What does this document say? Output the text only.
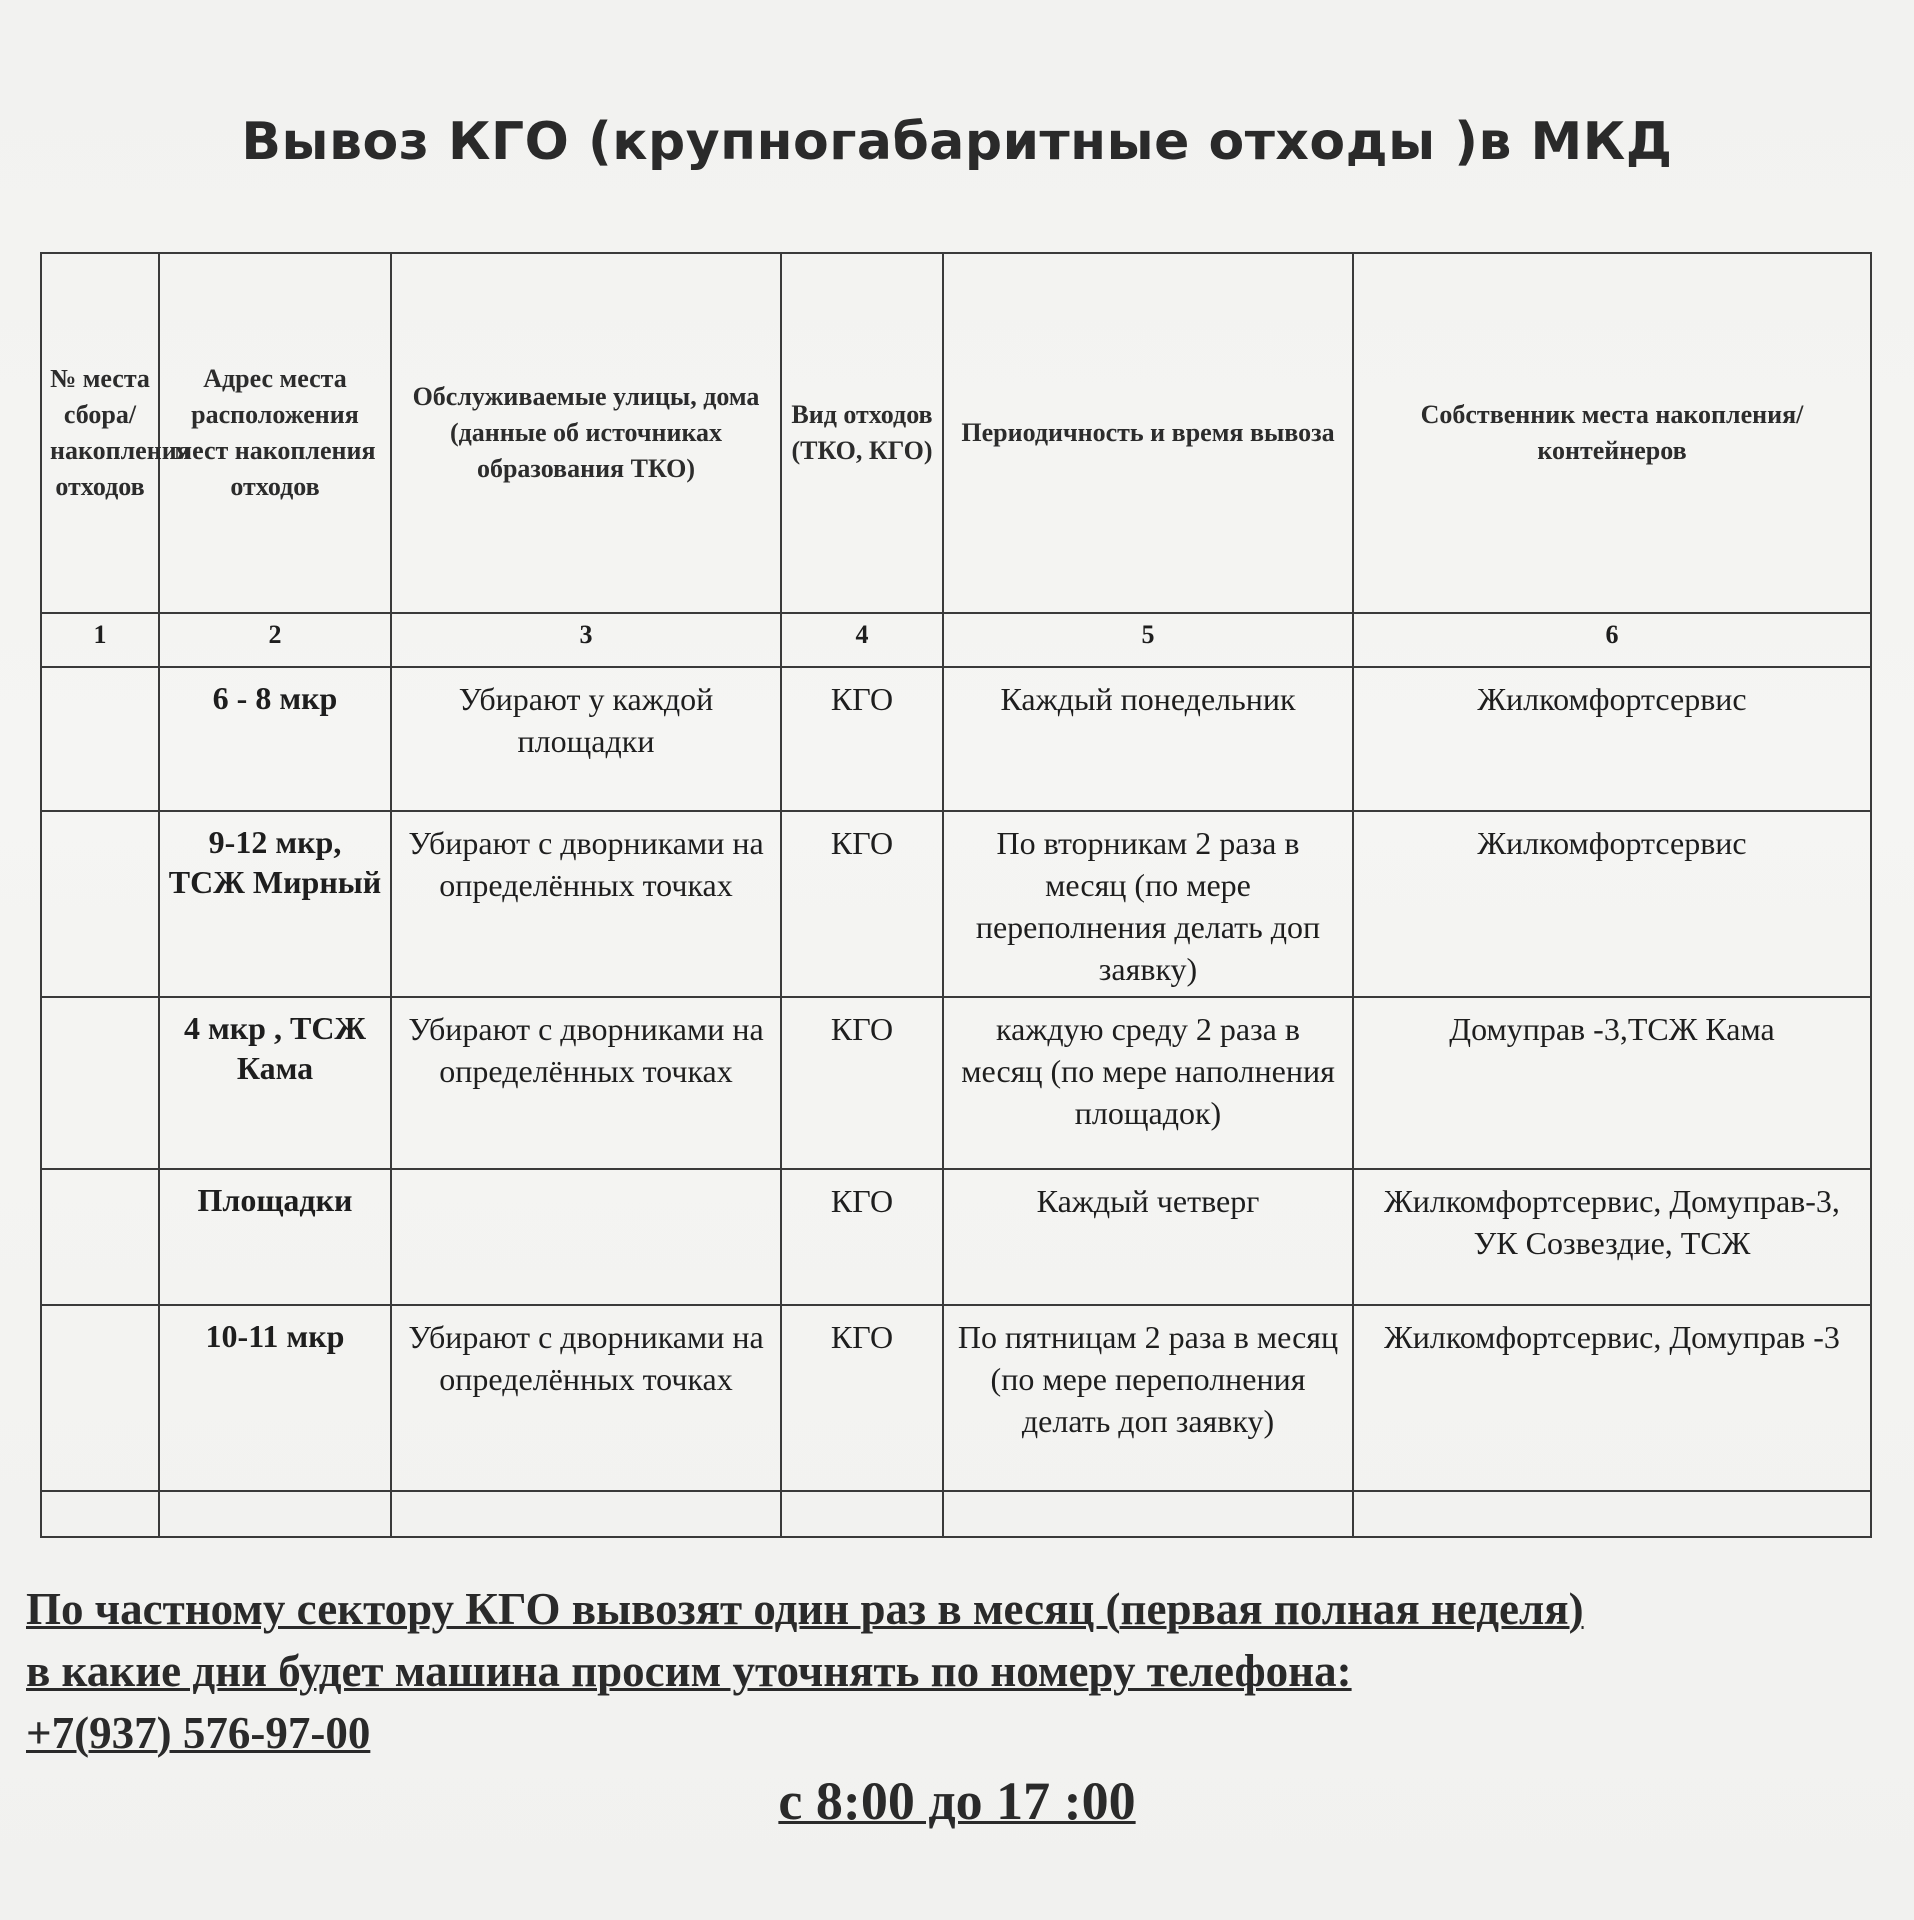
Вывоз КГО (крупногабаритные отходы )в МКД
№ места сбора/ накопления отходов	Адрес места расположения мест накопления отходов	Обслуживаемые улицы, дома (данные об источниках образования ТКО)	Вид отходов (ТКО, КГО)	Периодичность и время вывоза	Собственник места накопления/контейнеров
1	2	3	4	5	6
	6 - 8 мкр	Убирают у каждой площадки	КГО	Каждый понедельник	Жилкомфортсервис
	9-12 мкр, ТСЖ Мирный	Убирают с дворниками на определённых точках	КГО	По вторникам 2 раза в месяц (по мере переполнения делать доп заявку)	Жилкомфортсервис
	4 мкр , ТСЖ Кама	Убирают с дворниками на определённых точках	КГО	каждую среду 2 раза в месяц (по мере наполнения площадок)	Домуправ -3,ТСЖ Кама
	Площадки		КГО	Каждый четверг	Жилкомфортсервис, Домуправ-3, УК Созвездие, ТСЖ
	10-11 мкр	Убирают с дворниками на определённых точках	КГО	По пятницам 2 раза в месяц (по мере переполнения делать доп заявку)	Жилкомфортсервис, Домуправ -3

По частному сектору КГО вывозят один раз в месяц (первая полная неделя)
в какие дни будет машина просим уточнять по номеру телефона:
+7(937) 576-97-00
с 8:00 до 17 :00
